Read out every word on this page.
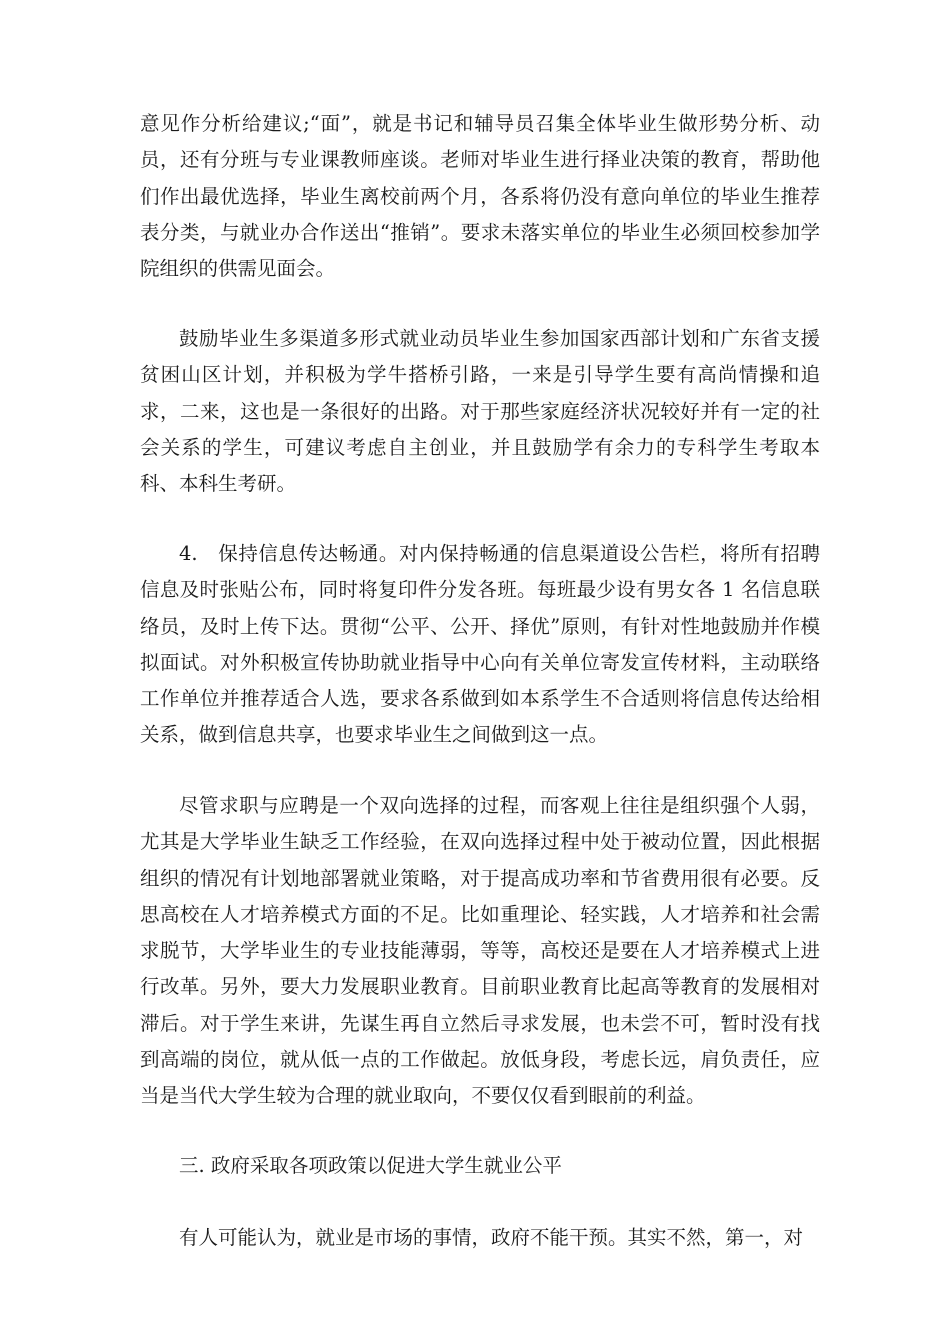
意见作分析给建议;“面”，就是书记和辅导员召集全体毕业生做形势分析、动员，还有分班与专业课教师座谈。老师对毕业生进行择业决策的教育，帮助他们作出最优选择，毕业生离校前两个月，各系将仍没有意向单位的毕业生推荐表分类，与就业办合作送出“推销”。要求未落实单位的毕业生必须回校参加学院组织的供需见面会。

鼓励毕业生多渠道多形式就业动员毕业生参加国家西部计划和广东省支援贫困山区计划，并积极为学牛搭桥引路，一来是引导学生要有高尚情操和追求，二来，这也是一条很好的出路。对于那些家庭经济状况较好并有一定的社会关系的学生，可建议考虑自主创业，并且鼓励学有余力的专科学生考取本科、本科生考研。

4.　保持信息传达畅通。对内保持畅通的信息渠道设公告栏，将所有招聘信息及时张贴公布，同时将复印件分发各班。每班最少设有男女各 1 名信息联络员，及时上传下达。贯彻“公平、公开、择优”原则，有针对性地鼓励并作模拟面试。对外积极宣传协助就业指导中心向有关单位寄发宣传材料，主动联络工作单位并推荐适合人选，要求各系做到如本系学生不合适则将信息传达给相关系，做到信息共享，也要求毕业生之间做到这一点。

尽管求职与应聘是一个双向选择的过程，而客观上往往是组织强个人弱，尤其是大学毕业生缺乏工作经验，在双向选择过程中处于被动位置，因此根据组织的情况有计划地部署就业策略，对于提高成功率和节省费用很有必要。反思高校在人才培养模式方面的不足。比如重理论、轻实践，人才培养和社会需求脱节，大学毕业生的专业技能薄弱，等等，高校还是要在人才培养模式上进行改革。另外，要大力发展职业教育。目前职业教育比起高等教育的发展相对滞后。对于学生来讲，先谋生再自立然后寻求发展，也未尝不可，暂时没有找到高端的岗位，就从低一点的工作做起。放低身段，考虑长远，肩负责任，应当是当代大学生较为合理的就业取向，不要仅仅看到眼前的利益。

三. 政府采取各项政策以促进大学生就业公平

有人可能认为，就业是市场的事情，政府不能干预。其实不然，第一，对
